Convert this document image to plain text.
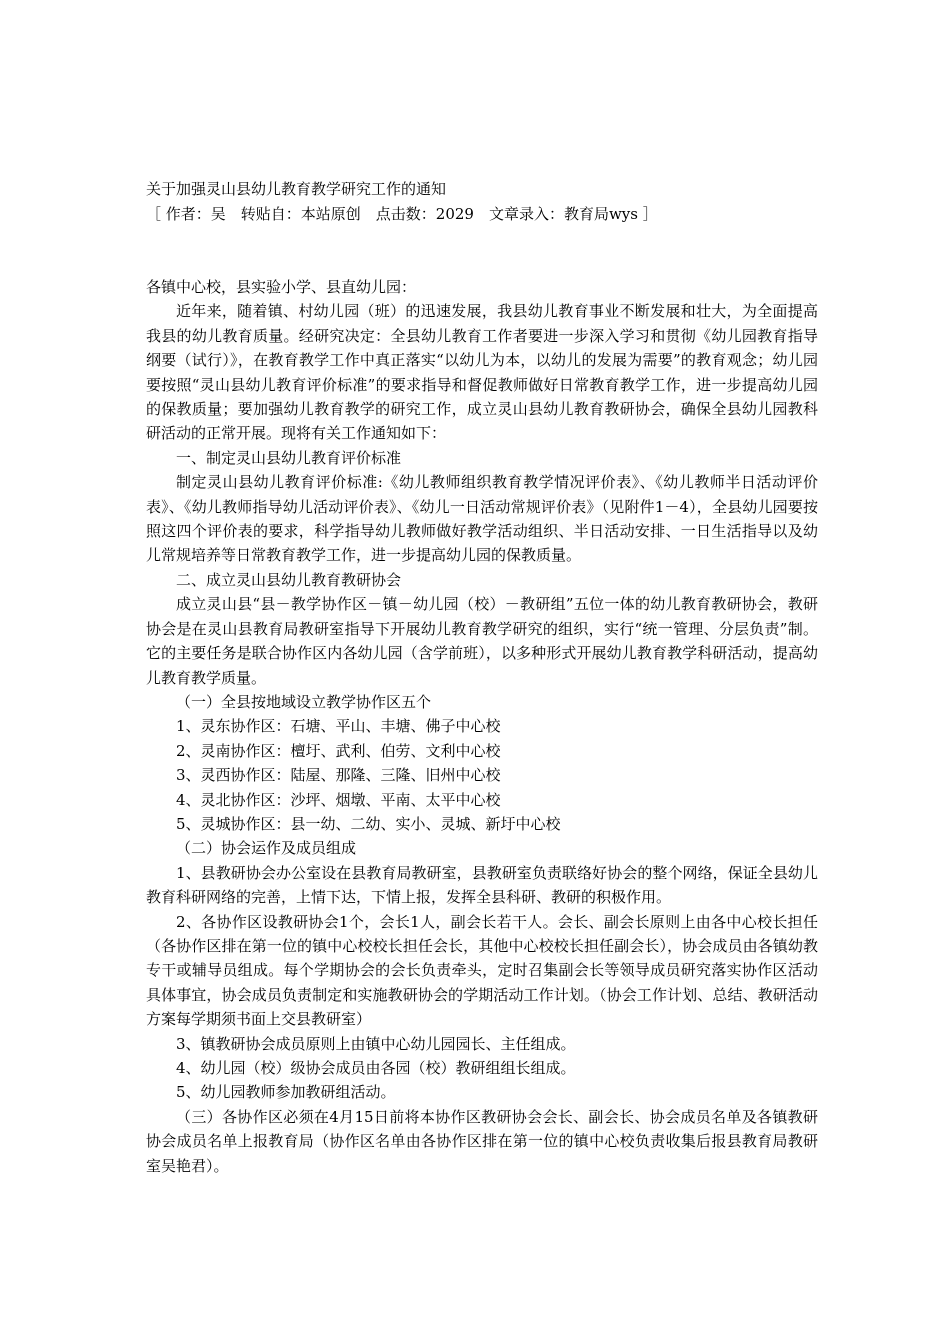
关于加强灵山县幼儿教育教学研究工作的通知
［ 作者：吴　转贴自：本站原创　点击数：2029　文章录入：教育局wys ］

各镇中心校，县实验小学、县直幼儿园：

近年来，随着镇、村幼儿园（班）的迅速发展，我县幼儿教育事业不断发展和壮大，为全面提高我县的幼儿教育质量。经研究决定：全县幼儿教育工作者要进一步深入学习和贯彻《幼儿园教育指导纲要（试行）》，在教育教学工作中真正落实“以幼儿为本，以幼儿的发展为需要”的教育观念；幼儿园要按照“灵山县幼儿教育评价标准”的要求指导和督促教师做好日常教育教学工作，进一步提高幼儿园的保教质量；要加强幼儿教育教学的研究工作，成立灵山县幼儿教育教研协会，确保全县幼儿园教科研活动的正常开展。现将有关工作通知如下：

一、制定灵山县幼儿教育评价标准

制定灵山县幼儿教育评价标准:《幼儿教师组织教育教学情况评价表》、《幼儿教师半日活动评价表》、《幼儿教师指导幼儿活动评价表》、《幼儿一日活动常规评价表》（见附件1－4），全县幼儿园要按照这四个评价表的要求，科学指导幼儿教师做好教学活动组织、半日活动安排、一日生活指导以及幼儿常规培养等日常教育教学工作，进一步提高幼儿园的保教质量。

二、成立灵山县幼儿教育教研协会

成立灵山县“县－教学协作区－镇－幼儿园（校）－教研组”五位一体的幼儿教育教研协会，教研协会是在灵山县教育局教研室指导下开展幼儿教育教学研究的组织，实行“统一管理、分层负责”制。它的主要任务是联合协作区内各幼儿园（含学前班），以多种形式开展幼儿教育教学科研活动，提高幼儿教育教学质量。

（一）全县按地域设立教学协作区五个

1、灵东协作区：石塘、平山、丰塘、佛子中心校

2、灵南协作区：檀圩、武利、伯劳、文利中心校

3、灵西协作区：陆屋、那隆、三隆、旧州中心校

4、灵北协作区：沙坪、烟墩、平南、太平中心校

5、灵城协作区：县一幼、二幼、实小、灵城、新圩中心校

（二）协会运作及成员组成

1、县教研协会办公室设在县教育局教研室，县教研室负责联络好协会的整个网络，保证全县幼儿教育科研网络的完善，上情下达，下情上报，发挥全县科研、教研的积极作用。

2、各协作区设教研协会1个，会长1人，副会长若干人。会长、副会长原则上由各中心校长担任（各协作区排在第一位的镇中心校校长担任会长，其他中心校校长担任副会长），协会成员由各镇幼教专干或辅导员组成。每个学期协会的会长负责牵头，定时召集副会长等领导成员研究落实协作区活动具体事宜，协会成员负责制定和实施教研协会的学期活动工作计划。（协会工作计划、总结、教研活动方案每学期须书面上交县教研室）

3、镇教研协会成员原则上由镇中心幼儿园园长、主任组成。

4、幼儿园（校）级协会成员由各园（校）教研组组长组成。

5、幼儿园教师参加教研组活动。

（三）各协作区必须在4月15日前将本协作区教研协会会长、副会长、协会成员名单及各镇教研协会成员名单上报教育局（协作区名单由各协作区排在第一位的镇中心校负责收集后报县教育局教研室吴艳君）。
